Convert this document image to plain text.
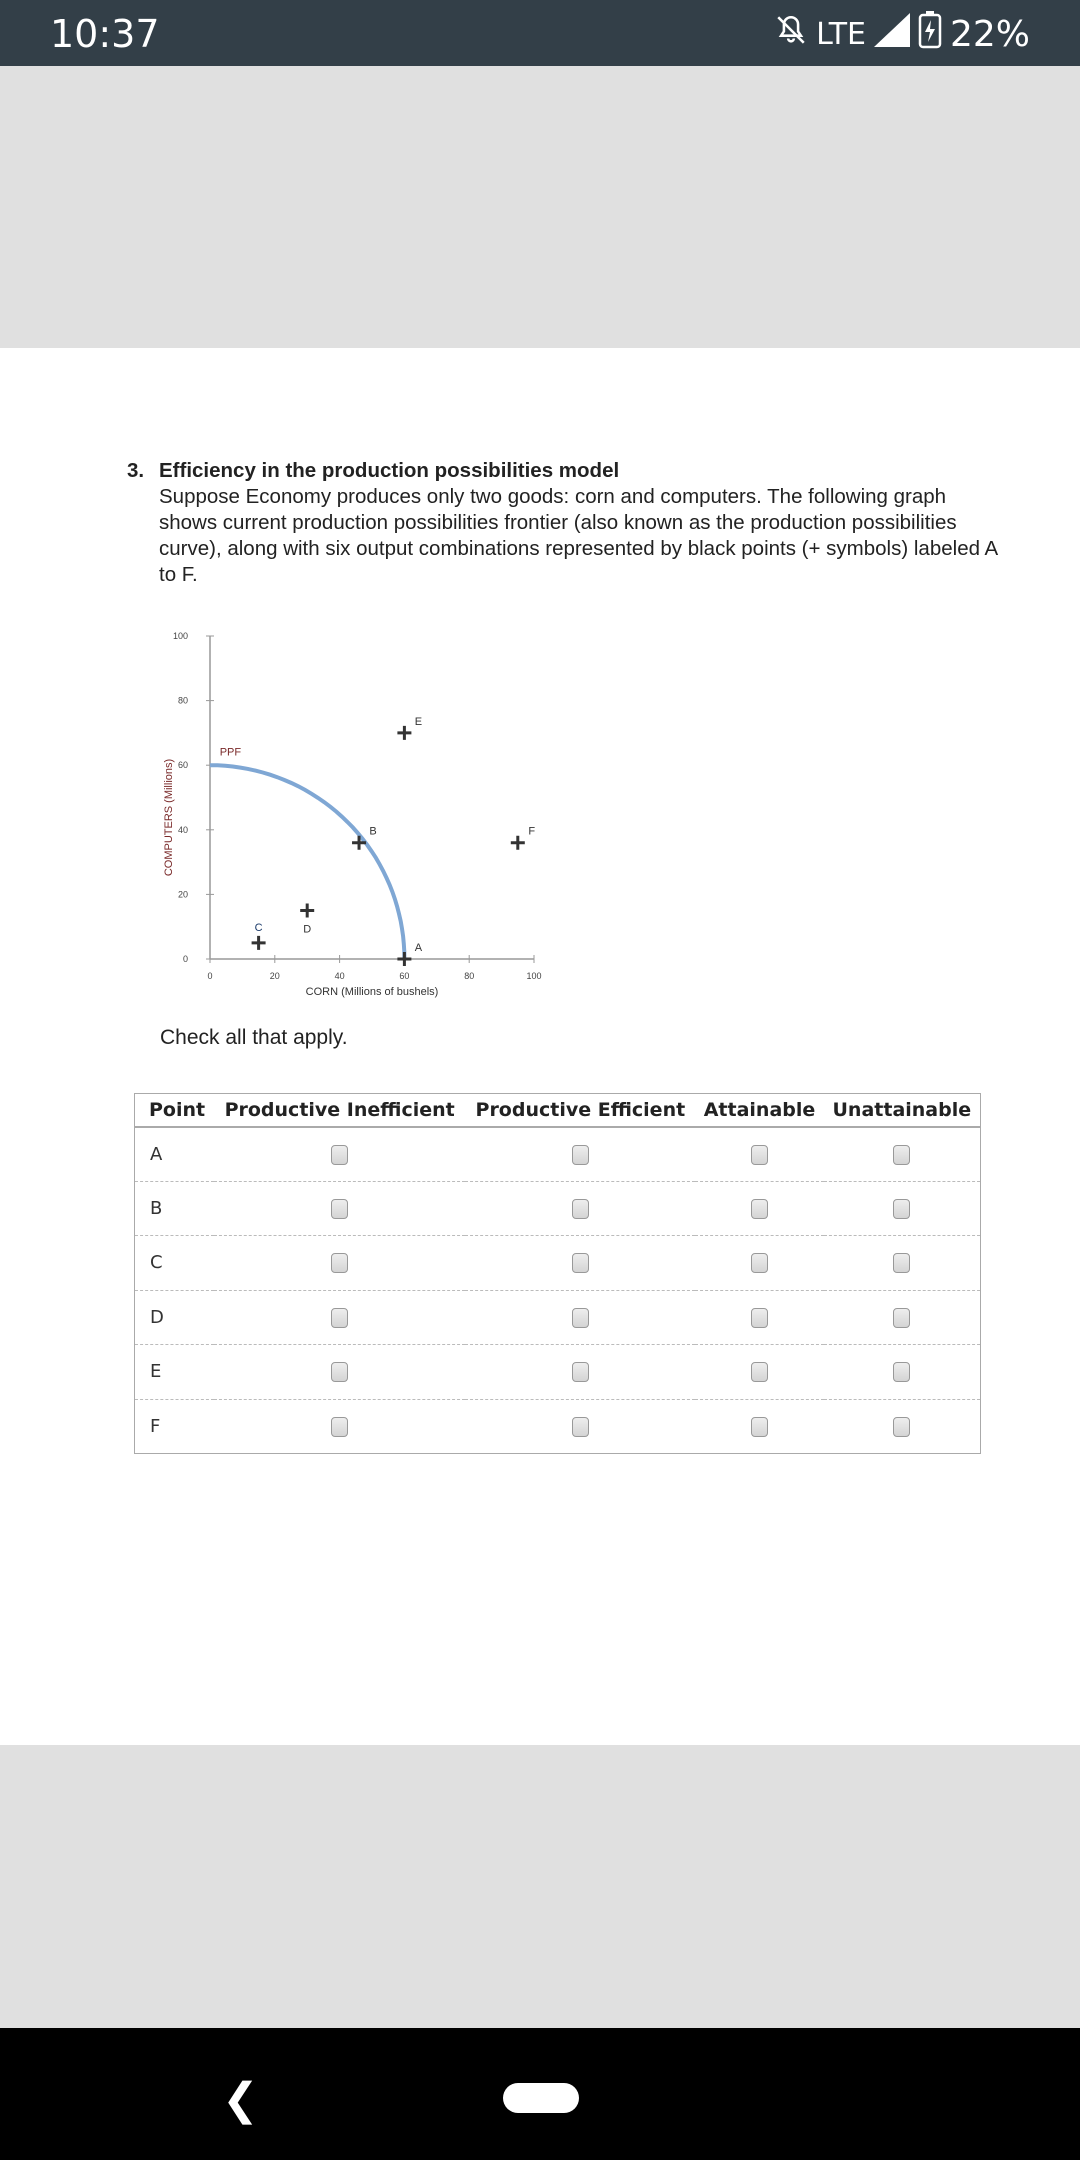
10:37	LTE 22%
3. Efficiency in the production possibilities model
Suppose Economy produces only two goods: corn and computers. The following graph shows current production possibilities frontier (also known as the production possibilities curve), along with six output combinations represented by black points (+ symbols) labeled A to F.
0	20	40	60	80	100
0
20
40
60
80
100
CORN (Millions of bushels)
COMPUTERS (Millions)
PPF
A
B
C	D
E
F
Check all that apply.
Point	Productive Inefficient	Productive Efficient	Attainable	Unattainable
A				
B				
C				
D				
E				
F				
❮
